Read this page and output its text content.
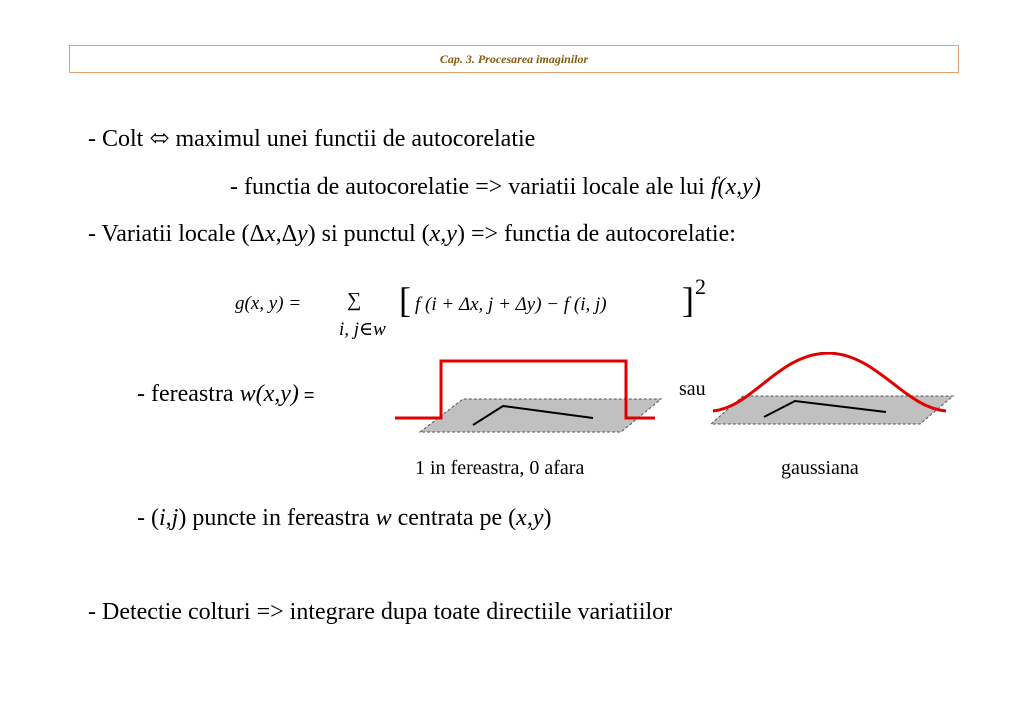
Cap. 3. Procesarea imaginilor
- Colt ⬄ maximul unei functii de autocorelatie
- functia de autocorelatie => variatii locale ale lui f(x,y)
- Variatii locale (Δx,Δy) si punctul (x,y) => functia de autocorelatie:
g(x, y) = ∑
i, j∈w
[ f (i + Δx, j + Δy) − f (i, j) ] 2
- fereastra w(x,y) =
1 in fereastra, 0 afara
sau
gaussiana
- (i,j) puncte in fereastra w centrata pe (x,y)
- Detectie colturi => integrare dupa toate directiile variatiilor
